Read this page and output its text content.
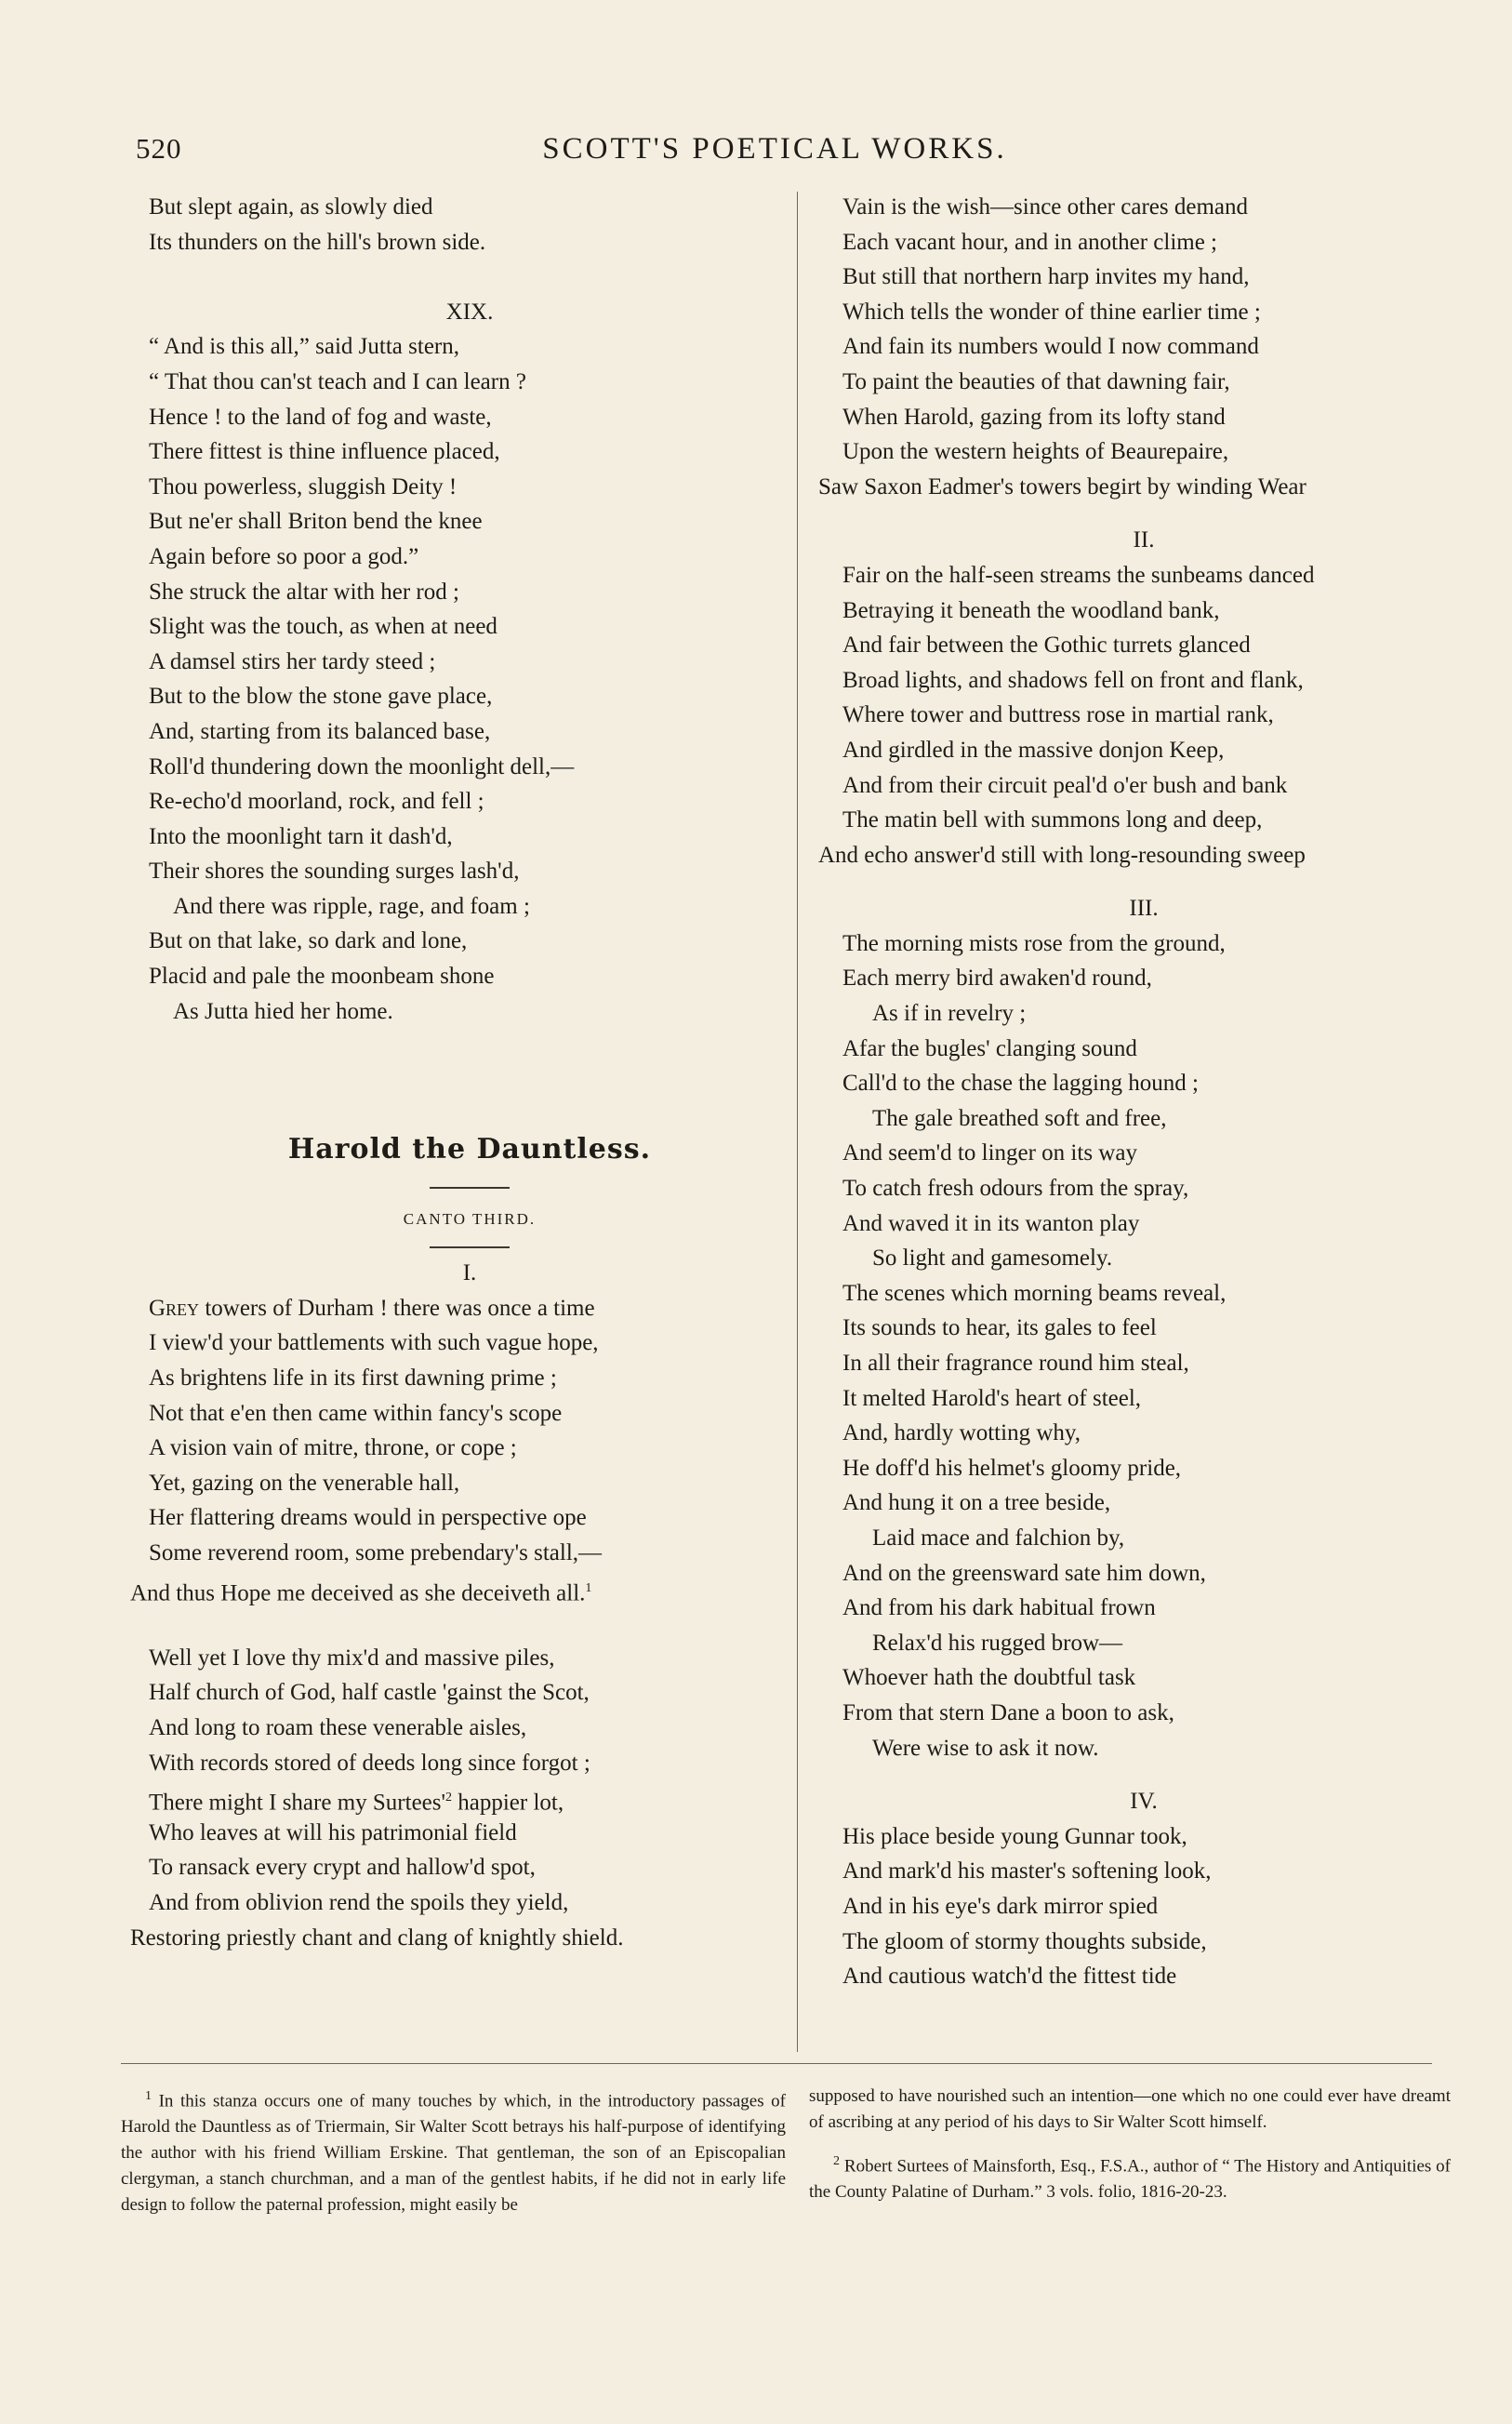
520	SCOTT'S POETICAL WORKS.
But slept again, as slowly died
Its thunders on the hill's brown side.
XIX.
“ And is this all,” said Jutta stern,
“ That thou can'st teach and I can learn ?
Hence ! to the land of fog and waste,
There fittest is thine influence placed,
Thou powerless, sluggish Deity !
But ne'er shall Briton bend the knee
Again before so poor a god.”
She struck the altar with her rod ;
Slight was the touch, as when at need
A damsel stirs her tardy steed ;
But to the blow the stone gave place,
And, starting from its balanced base,
Roll'd thundering down the moonlight dell,—
Re-echo'd moorland, rock, and fell ;
Into the moonlight tarn it dash'd,
Their shores the sounding surges lash'd,
And there was ripple, rage, and foam ;
But on that lake, so dark and lone,
Placid and pale the moonbeam shone
As Jutta hied her home.
Harold the Dauntless.
CANTO THIRD.
I.
Grey towers of Durham ! there was once a time
I view'd your battlements with such vague hope,
As brightens life in its first dawning prime ;
Not that e'en then came within fancy's scope
A vision vain of mitre, throne, or cope ;
Yet, gazing on the venerable hall,
Her flattering dreams would in perspective ope
Some reverend room, some prebendary's stall,—
And thus Hope me deceived as she deceiveth all.$^1$
Well yet I love thy mix'd and massive piles,
Half church of God, half castle 'gainst the Scot,
And long to roam these venerable aisles,
With records stored of deeds long since forgot ;
There might I share my $Surtees'^2$ happier lot,
Who leaves at will his patrimonial field
To ransack every crypt and hallow'd spot,
And from oblivion rend the spoils they yield,
Restoring priestly chant and clang of knightly shield.
Vain is the wish—since other cares demand
Each vacant hour, and in another clime ;
But still that northern harp invites my hand,
Which tells the wonder of thine earlier time ;
And fain its numbers would I now command
To paint the beauties of that dawning fair,
When Harold, gazing from its lofty stand
Upon the western heights of Beaurepaire,
Saw Saxon Eadmer's towers begirt by winding Wear
II.
Fair on the half-seen streams the sunbeams danced
Betraying it beneath the woodland bank,
And fair between the Gothic turrets glanced
Broad lights, and shadows fell on front and flank,
Where tower and buttress rose in martial rank,
And girdled in the massive donjon Keep,
And from their circuit peal'd o'er bush and bank
The matin bell with summons long and deep,
And echo answer'd still with long-resounding sweep
III.
The morning mists rose from the ground,
Each merry bird awaken'd round,
As if in revelry ;
Afar the bugles' clanging sound
Call'd to the chase the lagging hound ;
The gale breathed soft and free,
And seem'd to linger on its way
To catch fresh odours from the spray,
And waved it in its wanton play
So light and gamesomely.
The scenes which morning beams reveal,
Its sounds to hear, its gales to feel
In all their fragrance round him steal,
It melted Harold's heart of steel,
And, hardly wotting why,
He doff'd his helmet's gloomy pride,
And hung it on a tree beside,
Laid mace and falchion by,
And on the greensward sate him down,
And from his dark habitual frown
Relax'd his rugged brow—
Whoever hath the doubtful task
From that stern Dane a boon to ask,
Were wise to ask it now.
IV.
His place beside young Gunnar took,
And mark'd his master's softening look,
And in his eye's dark mirror spied
The gloom of stormy thoughts subside,
And cautious watch'd the fittest tide

$^1$ In this stanza occurs one of many touches by which, in the introductory passages of Harold the Dauntless as of Triermain, Sir Walter Scott betrays his half-purpose of identifying the author with his friend William Erskine. That gentleman, the son of an Episcopalian clergyman, a stanch churchman, and a man of the gentlest habits, if he did not in early life design to follow the paternal profession, might easily be

supposed to have nourished such an intention—one which no one could ever have dreamt of ascribing at any period of his days to Sir Walter Scott himself.

$^2$ Robert Surtees of Mainsforth, Esq., F.S.A., author of “ The History and Antiquities of the County Palatine of Durham.” 3 vols. folio, 1816-20-23.
